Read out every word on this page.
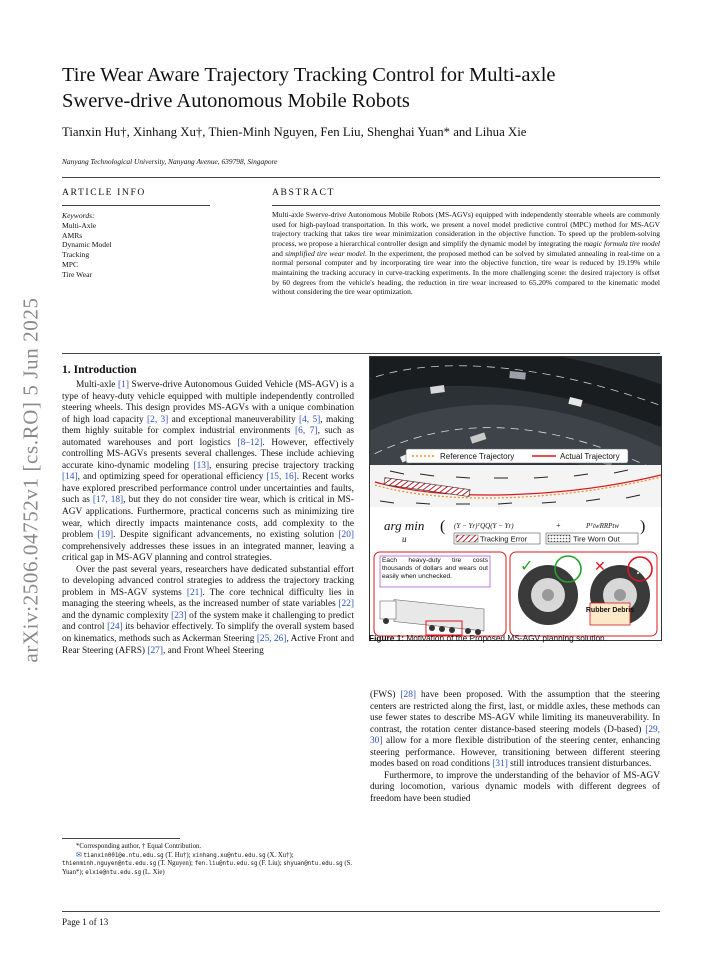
arXiv:2506.04752v1 [cs.RO] 5 Jun 2025
Tire Wear Aware Trajectory Tracking Control for Multi-axle
Swerve-drive Autonomous Mobile Robots
Tianxin Hu†, Xinhang Xu†, Thien-Minh Nguyen, Fen Liu, Shenghai Yuan* and Lihua Xie
Nanyang Technological University, Nanyang Avenue, 639798, Singapore
ARTICLE INFO	ABSTRACT
Keywords:
Multi-Axle
AMRs
Dynamic Model
Tracking
MPC
Tire Wear
Multi-axle Swerve-drive Autonomous Mobile Robots (MS-AGVs) equipped with independently steerable wheels are commonly used for high-payload transportation. In this work, we present a novel model predictive control (MPC) method for MS-AGV trajectory tracking that takes tire wear minimization consideration in the objective function. To speed up the problem-solving process, we propose a hierarchical controller design and simplify the dynamic model by integrating the magic formula tire model and simplified tire wear model. In the experiment, the proposed method can be solved by simulated annealing in real-time on a normal personal computer and by incorporating tire wear into the objective function, tire wear is reduced by 19.19% while maintaining the tracking accuracy in curve-tracking experiments. In the more challenging scene: the desired trajectory is offset by 60 degrees from the vehicle's heading, the reduction in tire wear increased to 65.20% compared to the kinematic model without considering the tire wear optimization.
1. Introduction

Multi-axle [1] Swerve-drive Autonomous Guided Vehicle (MS-AGV) is a type of heavy-duty vehicle equipped with multiple independently controlled steering wheels. This design provides MS-AGVs with a unique combination of high load capacity [2, 3] and exceptional maneuverability [4, 5], making them highly suitable for complex industrial environments [6, 7], such as automated warehouses and port logistics [8–12]. However, effectively controlling MS-AGVs presents several challenges. These include achieving accurate kino-dynamic modeling [13], ensuring precise trajectory tracking [14], and optimizing speed for operational efficiency [15, 16]. Recent works have explored prescribed performance control under uncertainties and faults, such as [17, 18], but they do not consider tire wear, which is critical in MS-AGV applications. Furthermore, practical concerns such as minimizing tire wear, which directly impacts maintenance costs, add complexity to the problem [19]. Despite significant advancements, no existing solution [20] comprehensively addresses these issues in an integrated manner, leaving a critical gap in MS-AGV planning and control strategies.

Over the past several years, researchers have dedicated substantial effort to developing advanced control strategies to address the trajectory tracking problem in MS-AGV systems [21]. The core technical difficulty lies in managing the steering wheels, as the increased number of state variables [22] and the dynamic complexity [23] of the system make it challenging to predict and control [24] its behavior effectively. To simplify the overall system based on kinematics, methods such as Ackerman Steering [25, 26], Active Front and Rear Steering (AFRS) [27], and Front Wheel Steering

*Corresponding author, † Equal Contribution.
✉ tianxin001@e.ntu.edu.sg (T. Hu†); xinhang.xu@ntu.edu.sg (X. Xu†); thienminh.nguyen@ntu.edu.sg (T. Nguyen); fen.liu@ntu.edu.sg (F. Liu); shyuan@ntu.edu.sg (S. Yuan*); elxie@ntu.edu.sg (L. Xie)
Reference Trajectory	Actual Trajectory
arg min
u
( (Y − Yr)ᵀQQ(Y − Yr)	+	PᵀtwRRPtw )
Tracking Error	Tire Worn Out
Each heavy-duty tire costs thousands of dollars and wears out easily when unchecked.
✓	✕
Rubber Debris
Figure 1: Motivation of the Proposed MS-AGV planning solution.

(FWS) [28] have been proposed. With the assumption that the steering centers are restricted along the first, last, or middle axles, these methods can use fewer states to describe MS-AGV while limiting its maneuverability. In contrast, the rotation center distance-based steering models (D-based) [29, 30] allow for a more flexible distribution of the steering center, enhancing steering performance. However, transitioning between different steering modes based on road conditions [31] still introduces transient disturbances.

Furthermore, to improve the understanding of the behavior of MS-AGV during locomotion, various dynamic models with different degrees of freedom have been studied

Page 1 of 13
